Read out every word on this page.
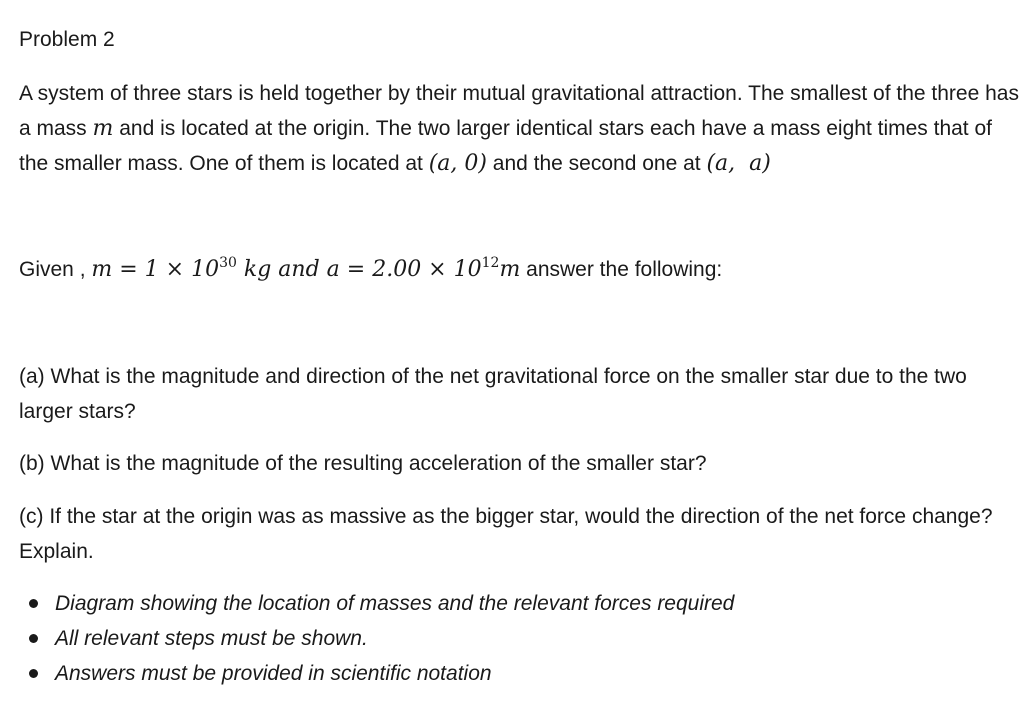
Problem 2
A system of three stars is held together by their mutual gravitational attraction. The smallest of the three has a mass m and is located at the origin. The two larger identical stars each have a mass eight times that of the smaller mass. One of them is located at (a, 0) and the second one at (a,  a)
Given , $m = 1 \times 10^{30}$ kg and $a = 2.00 \times 10^{12}m$ answer the following:
(a) What is the magnitude and direction of the net gravitational force on the smaller star due to the two larger stars?
(b) What is the magnitude of the resulting acceleration of the smaller star?
(c) If the star at the origin was as massive as the bigger star, would the direction of the net force change? Explain.
Diagram showing the location of masses and the relevant forces required
All relevant steps must be shown.
Answers must be provided in scientific notation
